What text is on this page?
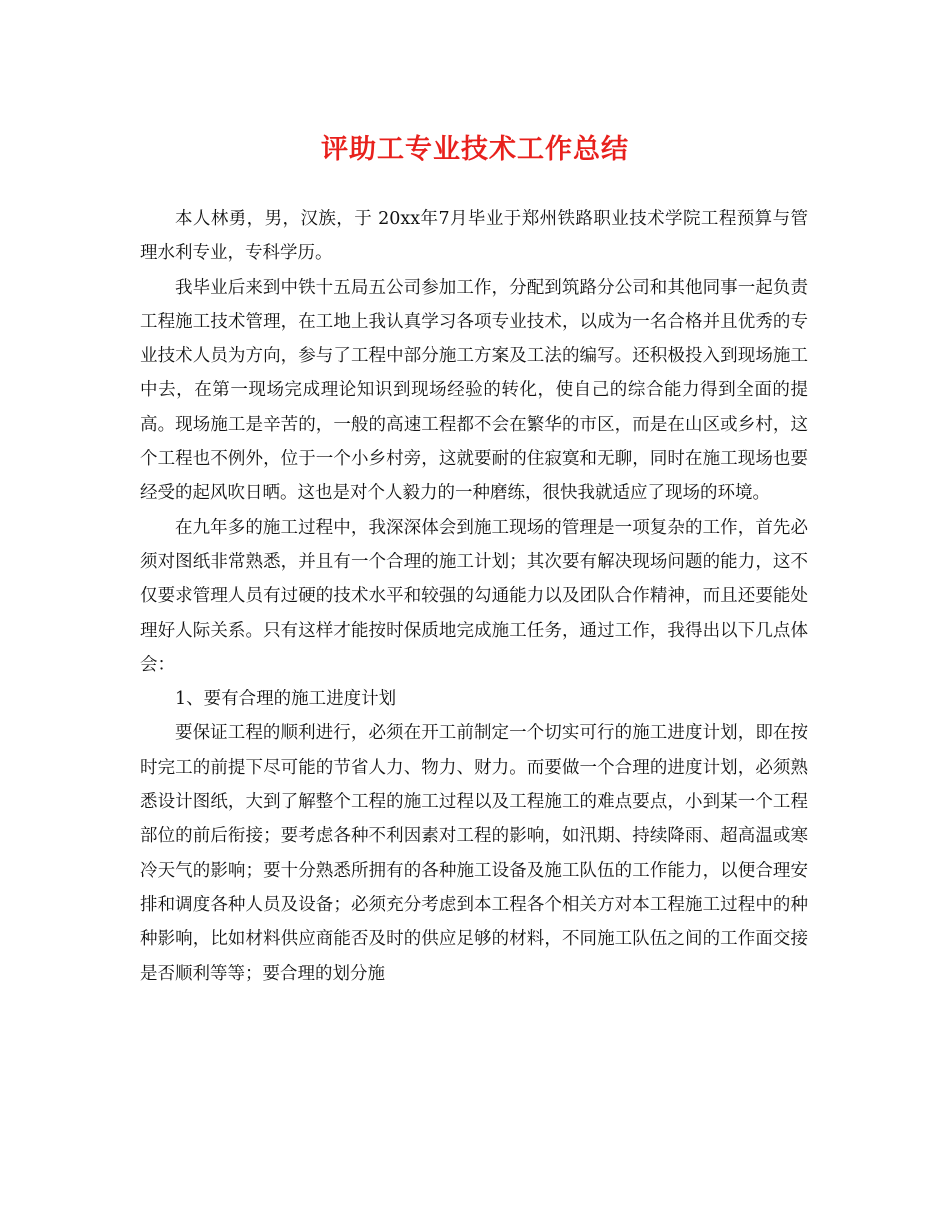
评助工专业技术工作总结

本人林勇，男，汉族，于 20xx年7月毕业于郑州铁路职业技术学院工程预算与管理水利专业，专科学历。

我毕业后来到中铁十五局五公司参加工作，分配到筑路分公司和其他同事一起负责工程施工技术管理，在工地上我认真学习各项专业技术，以成为一名合格并且优秀的专业技术人员为方向，参与了工程中部分施工方案及工法的编写。还积极投入到现场施工中去，在第一现场完成理论知识到现场经验的转化，使自己的综合能力得到全面的提高。现场施工是辛苦的，一般的高速工程都不会在繁华的市区，而是在山区或乡村，这个工程也不例外，位于一个小乡村旁，这就要耐的住寂寞和无聊，同时在施工现场也要经受的起风吹日晒。这也是对个人毅力的一种磨练，很快我就适应了现场的环境。

在九年多的施工过程中，我深深体会到施工现场的管理是一项复杂的工作，首先必须对图纸非常熟悉，并且有一个合理的施工计划；其次要有解决现场问题的能力，这不仅要求管理人员有过硬的技术水平和较强的勾通能力以及团队合作精神，而且还要能处理好人际关系。只有这样才能按时保质地完成施工任务，通过工作，我得出以下几点体会：

1、要有合理的施工进度计划

要保证工程的顺利进行，必须在开工前制定一个切实可行的施工进度计划，即在按时完工的前提下尽可能的节省人力、物力、财力。而要做一个合理的进度计划，必须熟悉设计图纸，大到了解整个工程的施工过程以及工程施工的难点要点，小到某一个工程部位的前后衔接；要考虑各种不利因素对工程的影响，如汛期、持续降雨、超高温或寒冷天气的影响；要十分熟悉所拥有的各种施工设备及施工队伍的工作能力，以便合理安排和调度各种人员及设备；必须充分考虑到本工程各个相关方对本工程施工过程中的种种影响，比如材料供应商能否及时的供应足够的材料，不同施工队伍之间的工作面交接是否顺利等等；要合理的划分施
